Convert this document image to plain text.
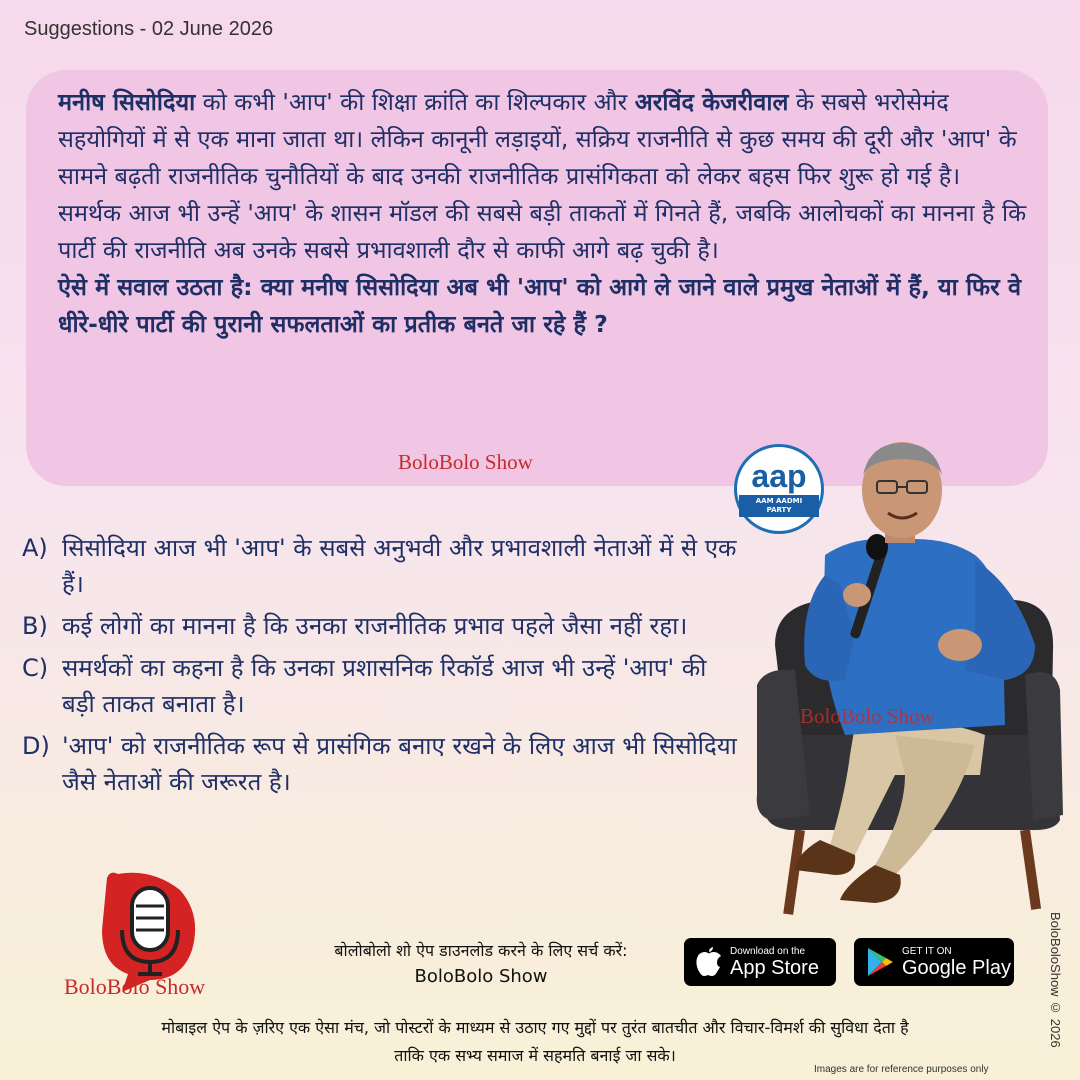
Suggestions - 02 June 2026
मनीष सिसोदिया को कभी 'आप' की शिक्षा क्रांति का शिल्पकार और अरविंद केजरीवाल के सबसे भरोसेमंद सहयोगियों में से एक माना जाता था। लेकिन कानूनी लड़ाइयों, सक्रिय राजनीति से कुछ समय की दूरी और 'आप' के सामने बढ़ती राजनीतिक चुनौतियों के बाद उनकी राजनीतिक प्रासंगिकता को लेकर बहस फिर शुरू हो गई है। समर्थक आज भी उन्हें 'आप' के शासन मॉडल की सबसे बड़ी ताकतों में गिनते हैं, जबकि आलोचकों का मानना है कि पार्टी की राजनीति अब उनके सबसे प्रभावशाली दौर से काफी आगे बढ़ चुकी है।
ऐसे में सवाल उठता है: क्या मनीष सिसोदिया अब भी 'आप' को आगे ले जाने वाले प्रमुख नेताओं में हैं, या फिर वे धीरे-धीरे पार्टी की पुरानी सफलताओं का प्रतीक बनते जा रहे हैं ?
BoloBolo Show
A) सिसोदिया आज भी 'आप' के सबसे अनुभवी और प्रभावशाली नेताओं में से एक हैं।
B) कई लोगों का मानना है कि उनका राजनीतिक प्रभाव पहले जैसा नहीं रहा।
C) समर्थकों का कहना है कि उनका प्रशासनिक रिकॉर्ड आज भी उन्हें 'आप' की बड़ी ताकत बनाता है।
D) 'आप' को राजनीतिक रूप से प्रासंगिक बनाए रखने के लिए आज भी सिसोदिया जैसे नेताओं की जरूरत है।
aap
AAM AADMI
PARTY
BoloBolo Show
BoloBolo Show
बोलोबोलो शो ऐप डाउनलोड करने के लिए सर्च करें:
BoloBolo Show
Download on the
App Store
GET IT ON
Google Play
मोबाइल ऐप के ज़रिए एक ऐसा मंच, जो पोस्टरों के माध्यम से उठाए गए मुद्दों पर तुरंत बातचीत और विचार-विमर्श की सुविधा देता है
ताकि एक सभ्य समाज में सहमति बनाई जा सके।
Images are for reference purposes only
BoloBoloShow © 2026
